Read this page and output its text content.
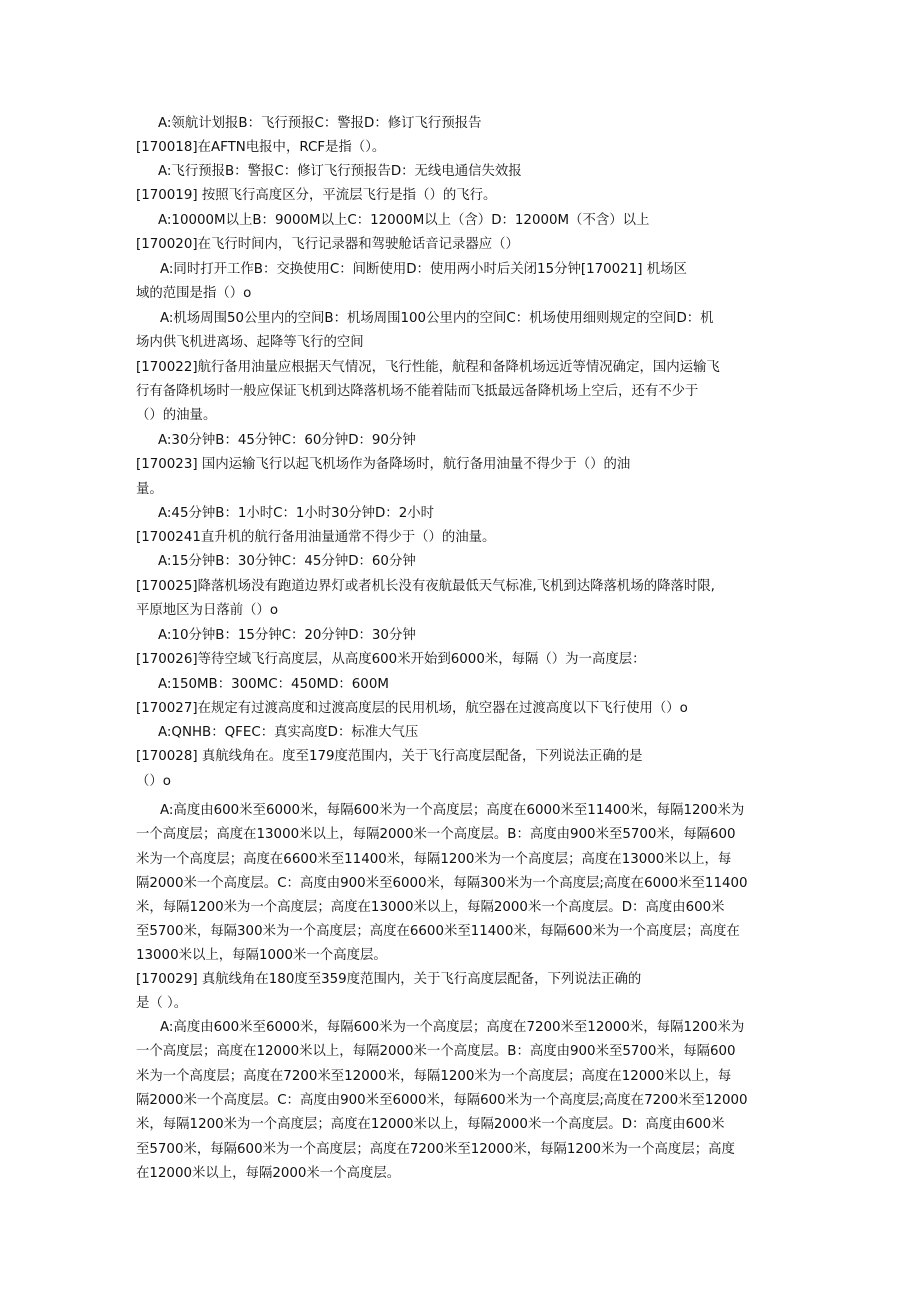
A:领航计划报B：飞行预报C：警报D：修订飞行预报告
[170018]在AFTN电报中，RCF是指（）。
A:飞行预报B：警报C：修订飞行预报告D：无线电通信失效报
[170019] 按照飞行高度区分，平流层飞行是指（）的飞行。
A:10000M以上B：9000M以上C：12000M以上（含）D：12000M（不含）以上
[170020]在飞行时间内，飞行记录器和驾驶舱话音记录器应（）
A:同时打开工作B：交换使用C：间断使用D：使用两小时后关闭15分钟[170021] 机场区
域的范围是指（）o
A:机场周围50公里内的空间B：机场周围100公里内的空间C：机场使用细则规定的空间D：机
场内供飞机进离场、起降等飞行的空间
[170022]航行备用油量应根据天气情况，飞行性能，航程和备降机场远近等情况确定，国内运输飞
行有备降机场时一般应保证飞机到达降落机场不能着陆而飞抵最远备降机场上空后，还有不少于
（）的油量。
A:30分钟B：45分钟C：60分钟D：90分钟
[170023] 国内运输飞行以起飞机场作为备降场时，航行备用油量不得少于（）的油
量。
A:45分钟B：1小时C：1小时30分钟D：2小时
[1700241直升机的航行备用油量通常不得少于（）的油量。
A:15分钟B：30分钟C：45分钟D：60分钟
[170025]降落机场没有跑道边界灯或者机长没有夜航最低天气标准,飞机到达降落机场的降落时限,
平原地区为日落前（）o
A:10分钟B：15分钟C：20分钟D：30分钟
[170026]等待空域飞行高度层，从高度600米开始到6000米，每隔（）为一高度层：
A:150MB：300MC：450MD：600M
[170027]在规定有过渡高度和过渡高度层的民用机场，航空器在过渡高度以下飞行使用（）o
A:QNHB：QFEC：真实高度D：标准大气压
[170028] 真航线角在。度至179度范围内，关于飞行高度层配备，下列说法正确的是
（）o
A:高度由600米至6000米，每隔600米为一个高度层；高度在6000米至11400米，每隔1200米为
一个高度层；高度在13000米以上，每隔2000米一个高度层。B：高度由900米至5700米，每隔600
米为一个高度层；高度在6600米至11400米，每隔1200米为一个高度层；高度在13000米以上，每
隔2000米一个高度层。C：高度由900米至6000米，每隔300米为一个高度层;高度在6000米至11400
米，每隔1200米为一个高度层；高度在13000米以上，每隔2000米一个高度层。D：高度由600米
至5700米，每隔300米为一个高度层；高度在6600米至11400米，每隔600米为一个高度层；高度在
13000米以上，每隔1000米一个高度层。
[170029] 真航线角在180度至359度范围内，关于飞行高度层配备，下列说法正确的
是（ ）。
A:高度由600米至6000米，每隔600米为一个高度层；高度在7200米至12000米，每隔1200米为
一个高度层；高度在12000米以上，每隔2000米一个高度层。B：高度由900米至5700米，每隔600
米为一个高度层；高度在7200米至12000米，每隔1200米为一个高度层；高度在12000米以上，每
隔2000米一个高度层。C：高度由900米至6000米，每隔600米为一个高度层;高度在7200米至12000
米，每隔1200米为一个高度层；高度在12000米以上，每隔2000米一个高度层。D：高度由600米
至5700米，每隔600米为一个高度层；高度在7200米至12000米，每隔1200米为一个高度层；高度
在12000米以上，每隔2000米一个高度层。
